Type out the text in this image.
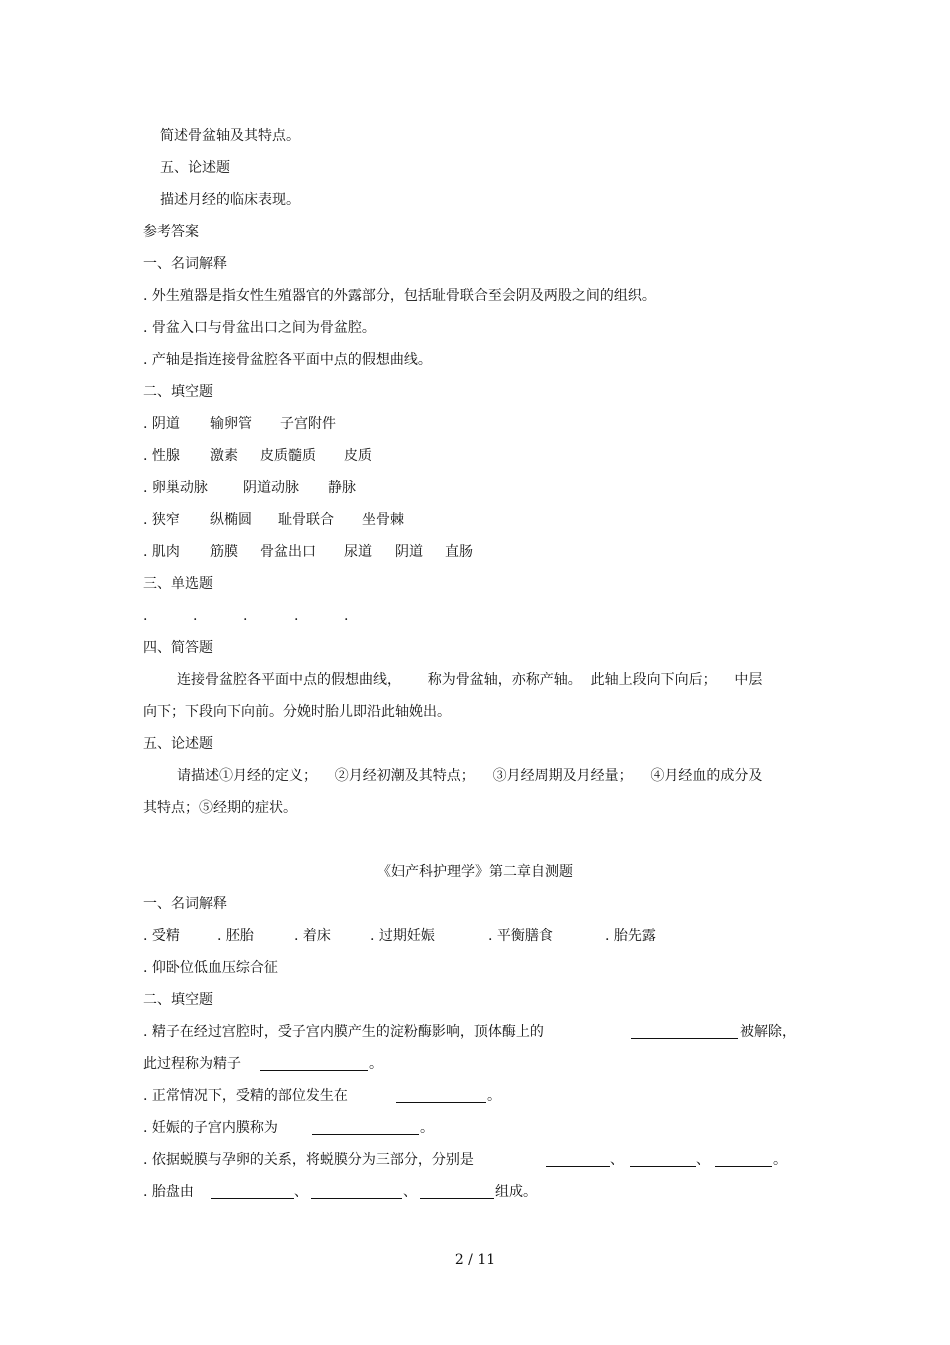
简述骨盆轴及其特点。
五、论述题
描述月经的临床表现。
参考答案
一、名词解释
. 外生殖器是指女性生殖器官的外露部分，包括耻骨联合至会阴及两股之间的组织。
. 骨盆入口与骨盆出口之间为骨盆腔。
. 产轴是指连接骨盆腔各平面中点的假想曲线。
二、填空题
. 阴道 输卵管 子宫附件
. 性腺 激素 皮质髓质 皮质
. 卵巢动脉	阴道动脉 静脉
. 狭窄 纵椭圆 耻骨联合 坐骨棘
. 肌肉 筋膜 骨盆出口 尿道 阴道 直肠
三、单选题
.	.	.	.	.
四、简答题
连接骨盆腔各平面中点的假想曲线，      称为骨盆轴，亦称产轴。  此轴上段向下向后；    中层
向下；下段向下向前。分娩时胎儿即沿此轴娩出。
五、论述题
请描述①月经的定义；    ②月经初潮及其特点；    ③月经周期及月经量；    ④月经血的成分及
其特点；⑤经期的症状。
《妇产科护理学》第二章自测题
一、名词解释
. 受精	. 胚胎	. 着床	. 过期妊娠	. 平衡膳食	. 胎先露
. 仰卧位低血压综合征
二、填空题
. 精子在经过宫腔时，受子宫内膜产生的淀粉酶影响，顶体酶上的	被解除，
此过程称为精子	。
. 正常情况下，受精的部位发生在	。
. 妊娠的子宫内膜称为	。
. 依据蜕膜与孕卵的关系，将蜕膜分为三部分，分别是	、	、	。
. 胎盘由	、	、	组成。
2 / 11
